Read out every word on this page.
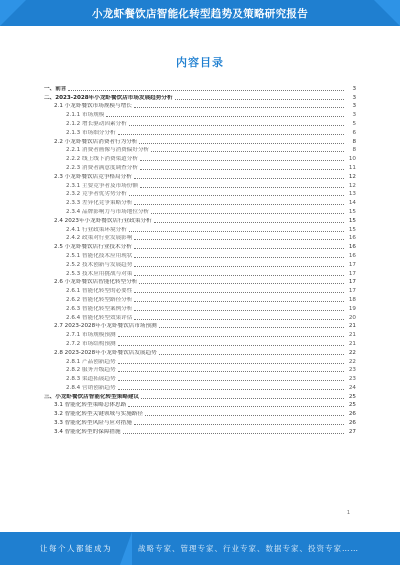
小龙虾餐饮店智能化转型趋势及策略研究报告
内容目录
一、前言	3
二、2023-2028年小龙虾餐饮店市场发展趋势分析	3
2.1 小龙虾餐饮市场规模与增长	3
2.1.1 市场规模	3
2.1.2 增长驱动因素分析	5
2.1.3 市场细分分析	6
2.2 小龙虾餐饮店消费者行为分析	8
2.2.1 消费者画像与消费偏好分析	8
2.2.2 线上线下消费渠道分析	10
2.2.3 消费者满意度调查分析	11
2.3 小龙虾餐饮店竞争格局分析	12
2.3.1 主要竞争者及市场份额	12
2.3.2 竞争者优劣势分析	13
2.3.3 差异化竞争策略分析	14
2.3.4 品牌影响力与市场地位分析	15
2.4 2023年小龙虾餐饮店行业政策分析	15
2.4.1 行业政策环境分析	15
2.4.2 政策对行业发展影响	16
2.5 小龙虾餐饮店行业技术分析	16
2.5.1 智能化技术应用现状	16
2.5.2 技术创新与发展趋势	17
2.5.3 技术应用挑战与对策	17
2.6 小龙虾餐饮店智能化转型分析	17
2.6.1 智能化转型的必要性	17
2.6.2 智能化转型路径分析	18
2.6.3 智能化转型案例分析	19
2.6.4 智能化转型效果评估	20
2.7 2023-2028年小龙虾餐饮店市场预测	21
2.7.1 市场规模预测	21
2.7.2 市场结构预测	21
2.8 2023-2028年小龙虾餐饮店发展趋势	22
2.8.1 产品创新趋势	22
2.8.2 服务升级趋势	23
2.8.3 渠道拓展趋势	23
2.8.4 营销创新趋势	24
三、小龙虾餐饮店智能化转型策略建议	25
3.1 智能化转型策略总体思路	25
3.2 智能化转型关键领域与实施路径	26
3.3 智能化转型风险与应对措施	26
3.4 智能化转型的保障措施	27
1
让每个人都能成为	战略专家、管理专家、行业专家、数据专家、投资专家……
